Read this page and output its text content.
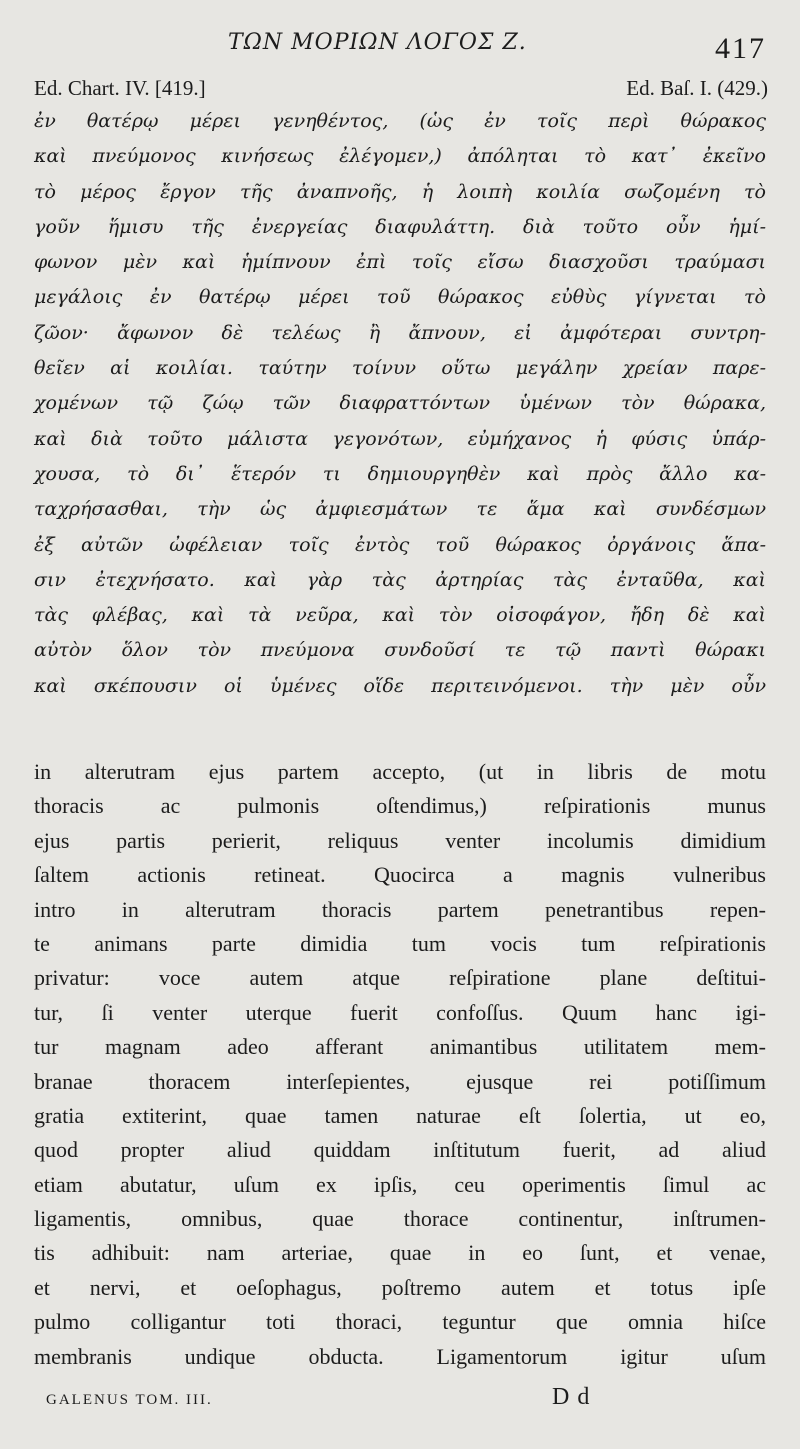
ΤΩΝ ΜΟΡΙΩΝ ΛΟΓΟΣ Ζ.	417
Ed. Chart. IV. [419.]	Ed. Baſ. I. (429.)
ἐν θατέρῳ μέρει γενηθέντος, (ὡς ἐν τοῖς περὶ θώρακος
καὶ πνεύμονος κινήσεως ἐλέγομεν,) ἀπόληται τὸ κατ᾽ ἐκεῖνο
τὸ μέρος ἔργον τῆς ἀναπνοῆς, ἡ λοιπὴ κοιλία σωζομένη τὸ
γοῦν ἥμισυ τῆς ἐνεργείας διαφυλάττη. διὰ τοῦτο οὖν ἡμί-
φωνον μὲν καὶ ἡμίπνουν ἐπὶ τοῖς εἴσω διασχοῦσι τραύμασι
μεγάλοις ἐν θατέρῳ μέρει τοῦ θώρακος εὐθὺς γίγνεται τὸ
ζῶον· ἄφωνον δὲ τελέως ἢ ἄπνουν, εἰ ἀμφότεραι συντρη-
θεῖεν αἱ κοιλίαι. ταύτην τοίνυν οὕτω μεγάλην χρείαν παρε-
χομένων τῷ ζώῳ τῶν διαφραττόντων ὑμένων τὸν θώρακα,
καὶ διὰ τοῦτο μάλιστα γεγονότων, εὐμήχανος ἡ φύσις ὑπάρ-
χουσα, τὸ δι᾽ ἕτερόν τι δημιουργηθὲν καὶ πρὸς ἄλλο κα-
ταχρήσασθαι, τὴν ὡς ἀμφιεσμάτων τε ἅμα καὶ συνδέσμων
ἐξ αὐτῶν ὠφέλειαν τοῖς ἐντὸς τοῦ θώρακος ὀργάνοις ἅπα-
σιν ἐτεχνήσατο. καὶ γὰρ τὰς ἀρτηρίας τὰς ἐνταῦθα, καὶ
τὰς φλέβας, καὶ τὰ νεῦρα, καὶ τὸν οἰσοφάγον, ἤδη δὲ καὶ
αὐτὸν ὅλον τὸν πνεύμονα συνδοῦσί τε τῷ παντὶ θώρακι
καὶ σκέπουσιν οἱ ὑμένες οἵδε περιτεινόμενοι. τὴν μὲν οὖν
in alterutram ejus partem accepto, (ut in libris de motu
thoracis ac pulmonis oſtendimus,) reſpirationis munus
ejus partis perierit, reliquus venter incolumis dimidium
ſaltem actionis retineat. Quocirca a magnis vulneribus
intro in alterutram thoracis partem penetrantibus repen-
te animans parte dimidia tum vocis tum reſpirationis
privatur: voce autem atque reſpiratione plane deſtitui-
tur, ſi venter uterque fuerit confoſſus. Quum hanc igi-
tur magnam adeo afferant animantibus utilitatem mem-
branae thoracem interſepientes, ejusque rei potiſſimum
gratia extiterint, quae tamen naturae eſt ſolertia, ut eo,
quod propter aliud quiddam inſtitutum fuerit, ad aliud
etiam abutatur, uſum ex ipſis, ceu operimentis ſimul ac
ligamentis, omnibus, quae thorace continentur, inſtrumen-
tis adhibuit: nam arteriae, quae in eo ſunt, et venae,
et nervi, et oeſophagus, poſtremo autem et totus ipſe
pulmo colligantur toti thoraci, teguntur que omnia hiſce
membranis undique obducta. Ligamentorum igitur uſum
GALENUS TOM. III.	D d
